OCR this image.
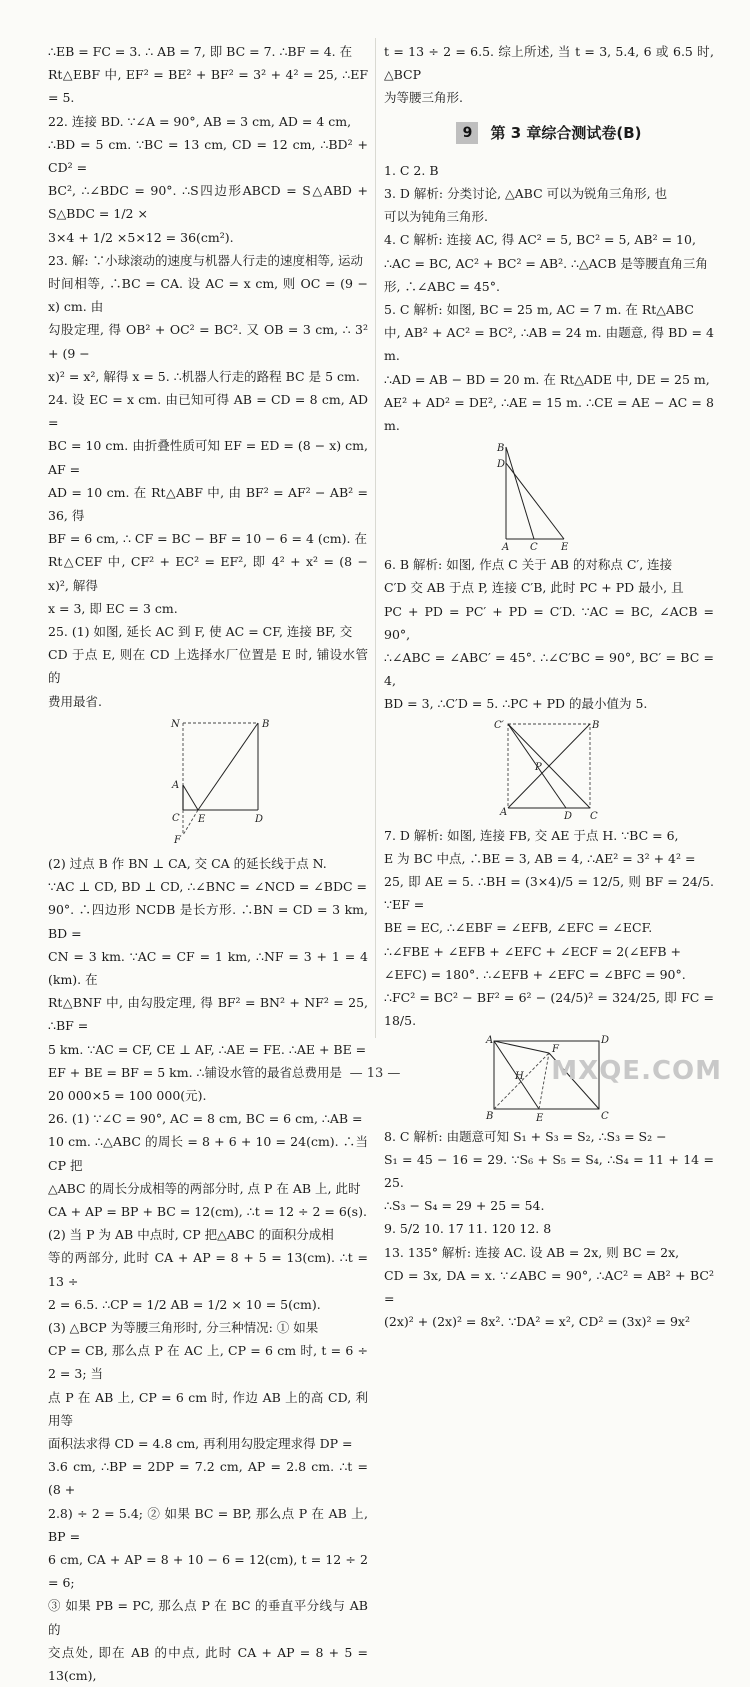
∴EB = FC = 3. ∴ AB = 7, 即 BC = 7. ∴BF = 4. 在

Rt△EBF 中, EF² = BE² + BF² = 3² + 4² = 25, ∴EF = 5.

22. 连接 BD. ∵∠A = 90°, AB = 3 cm, AD = 4 cm,

∴BD = 5 cm. ∵BC = 13 cm, CD = 12 cm, ∴BD² + CD² =

BC², ∴∠BDC = 90°. ∴S四边形ABCD = S△ABD + S△BDC = 1/2 ×

3×4 + 1/2 ×5×12 = 36(cm²).

23. 解: ∵小球滚动的速度与机器人行走的速度相等, 运动

时间相等, ∴BC = CA. 设 AC = x cm, 则 OC = (9 − x) cm. 由

勾股定理, 得 OB² + OC² = BC². 又 OB = 3 cm, ∴ 3² + (9 −

x)² = x², 解得 x = 5. ∴机器人行走的路程 BC 是 5 cm.

24. 设 EC = x cm. 由已知可得 AB = CD = 8 cm, AD =

BC = 10 cm. 由折叠性质可知 EF = ED = (8 − x) cm, AF =

AD = 10 cm. 在 Rt△ABF 中, 由 BF² = AF² − AB² = 36, 得

BF = 6 cm, ∴ CF = BC − BF = 10 − 6 = 4 (cm). 在

Rt△CEF 中, CF² + EC² = EF², 即 4² + x² = (8 − x)², 解得

x = 3, 即 EC = 3 cm.

25. (1) 如图, 延长 AC 到 F, 使 AC = CF, 连接 BF, 交

CD 于点 E, 则在 CD 上选择水厂位置是 E 时, 铺设水管的

费用最省.

N	B
A
C E	D
F

(2) 过点 B 作 BN ⊥ CA, 交 CA 的延长线于点 N.

∵AC ⊥ CD, BD ⊥ CD, ∴∠BNC = ∠NCD = ∠BDC =

90°. ∴四边形 NCDB 是长方形. ∴BN = CD = 3 km, BD =

CN = 3 km. ∵AC = CF = 1 km, ∴NF = 3 + 1 = 4 (km). 在

Rt△BNF 中, 由勾股定理, 得 BF² = BN² + NF² = 25, ∴BF =

5 km. ∵AC = CF, CE ⊥ AF, ∴AE = FE. ∴AE + BE =

EF + BE = BF = 5 km. ∴铺设水管的最省总费用是

20 000×5 = 100 000(元).

26. (1) ∵∠C = 90°, AC = 8 cm, BC = 6 cm, ∴AB =

10 cm. ∴△ABC 的周长 = 8 + 6 + 10 = 24(cm). ∴当 CP 把

△ABC 的周长分成相等的两部分时, 点 P 在 AB 上, 此时

CA + AP = BP + BC = 12(cm), ∴t = 12 ÷ 2 = 6(s).

(2) 当 P 为 AB 中点时, CP 把△ABC 的面积分成相

等的两部分, 此时 CA + AP = 8 + 5 = 13(cm). ∴t = 13 ÷

2 = 6.5. ∴CP = 1/2 AB = 1/2 × 10 = 5(cm).

(3) △BCP 为等腰三角形时, 分三种情况: ① 如果

CP = CB, 那么点 P 在 AC 上, CP = 6 cm 时, t = 6 ÷ 2 = 3; 当

点 P 在 AB 上, CP = 6 cm 时, 作边 AB 上的高 CD, 利用等

面积法求得 CD = 4.8 cm, 再利用勾股定理求得 DP =

3.6 cm, ∴BP = 2DP = 7.2 cm, AP = 2.8 cm. ∴t = (8 +

2.8) ÷ 2 = 5.4; ② 如果 BC = BP, 那么点 P 在 AB 上, BP =

6 cm, CA + AP = 8 + 10 − 6 = 12(cm), t = 12 ÷ 2 = 6;

③ 如果 PB = PC, 那么点 P 在 BC 的垂直平分线与 AB 的

交点处, 即在 AB 的中点, 此时 CA + AP = 8 + 5 = 13(cm),

t = 13 ÷ 2 = 6.5. 综上所述, 当 t = 3, 5.4, 6 或 6.5 时, △BCP

为等腰三角形.

9	第 3 章综合测试卷(B)

1. C 2. B

3. D 解析: 分类讨论, △ABC 可以为锐角三角形, 也

可以为钝角三角形.

4. C 解析: 连接 AC, 得 AC² = 5, BC² = 5, AB² = 10,

∴AC = BC, AC² + BC² = AB². ∴△ACB 是等腰直角三角

形, ∴∠ABC = 45°.

5. C 解析: 如图, BC = 25 m, AC = 7 m. 在 Rt△ABC

中, AB² + AC² = BC², ∴AB = 24 m. 由题意, 得 BD = 4 m.

∴AD = AB − BD = 20 m. 在 Rt△ADE 中, DE = 25 m,

AE² + AD² = DE², ∴AE = 15 m. ∴CE = AE − AC = 8 m.

B
D
A C E

6. B 解析: 如图, 作点 C 关于 AB 的对称点 C′, 连接

C′D 交 AB 于点 P, 连接 C′B, 此时 PC + PD 最小, 且

PC + PD = PC′ + PD = C′D. ∵AC = BC, ∠ACB = 90°,

∴∠ABC = ∠ABC′ = 45°. ∴∠C′BC = 90°, BC′ = BC = 4,

BD = 3, ∴C′D = 5. ∴PC + PD 的最小值为 5.

C′	B
P
A	D C

7. D 解析: 如图, 连接 FB, 交 AE 于点 H. ∵BC = 6,

E 为 BC 中点, ∴BE = 3, AB = 4, ∴AE² = 3² + 4² =

25, 即 AE = 5. ∴BH = (3×4)/5 = 12/5, 则 BF = 24/5. ∵EF =

BE = EC, ∴∠EBF = ∠EFB, ∠EFC = ∠ECF.

∴∠FBE + ∠EFB + ∠EFC + ∠ECF = 2(∠EFB +

∠EFC) = 180°. ∴∠EFB + ∠EFC = ∠BFC = 90°.

∴FC² = BC² − BF² = 6² − (24/5)² = 324/25, 即 FC = 18/5.

A
F
H
D
B	E	C

8. C 解析: 由题意可知 S₁ + S₃ = S₂, ∴S₃ = S₂ −

S₁ = 45 − 16 = 29. ∵S₆ + S₅ = S₄, ∴S₄ = 11 + 14 = 25.

∴S₃ − S₄ = 29 + 25 = 54.

9. 5/2 10. 17 11. 120 12. 8

13. 135° 解析: 连接 AC. 设 AB = 2x, 则 BC = 2x,

CD = 3x, DA = x. ∵∠ABC = 90°, ∴AC² = AB² + BC² =

(2x)² + (2x)² = 8x². ∵DA² = x², CD² = (3x)² = 9x²

— 13 —	MXQE.COM
